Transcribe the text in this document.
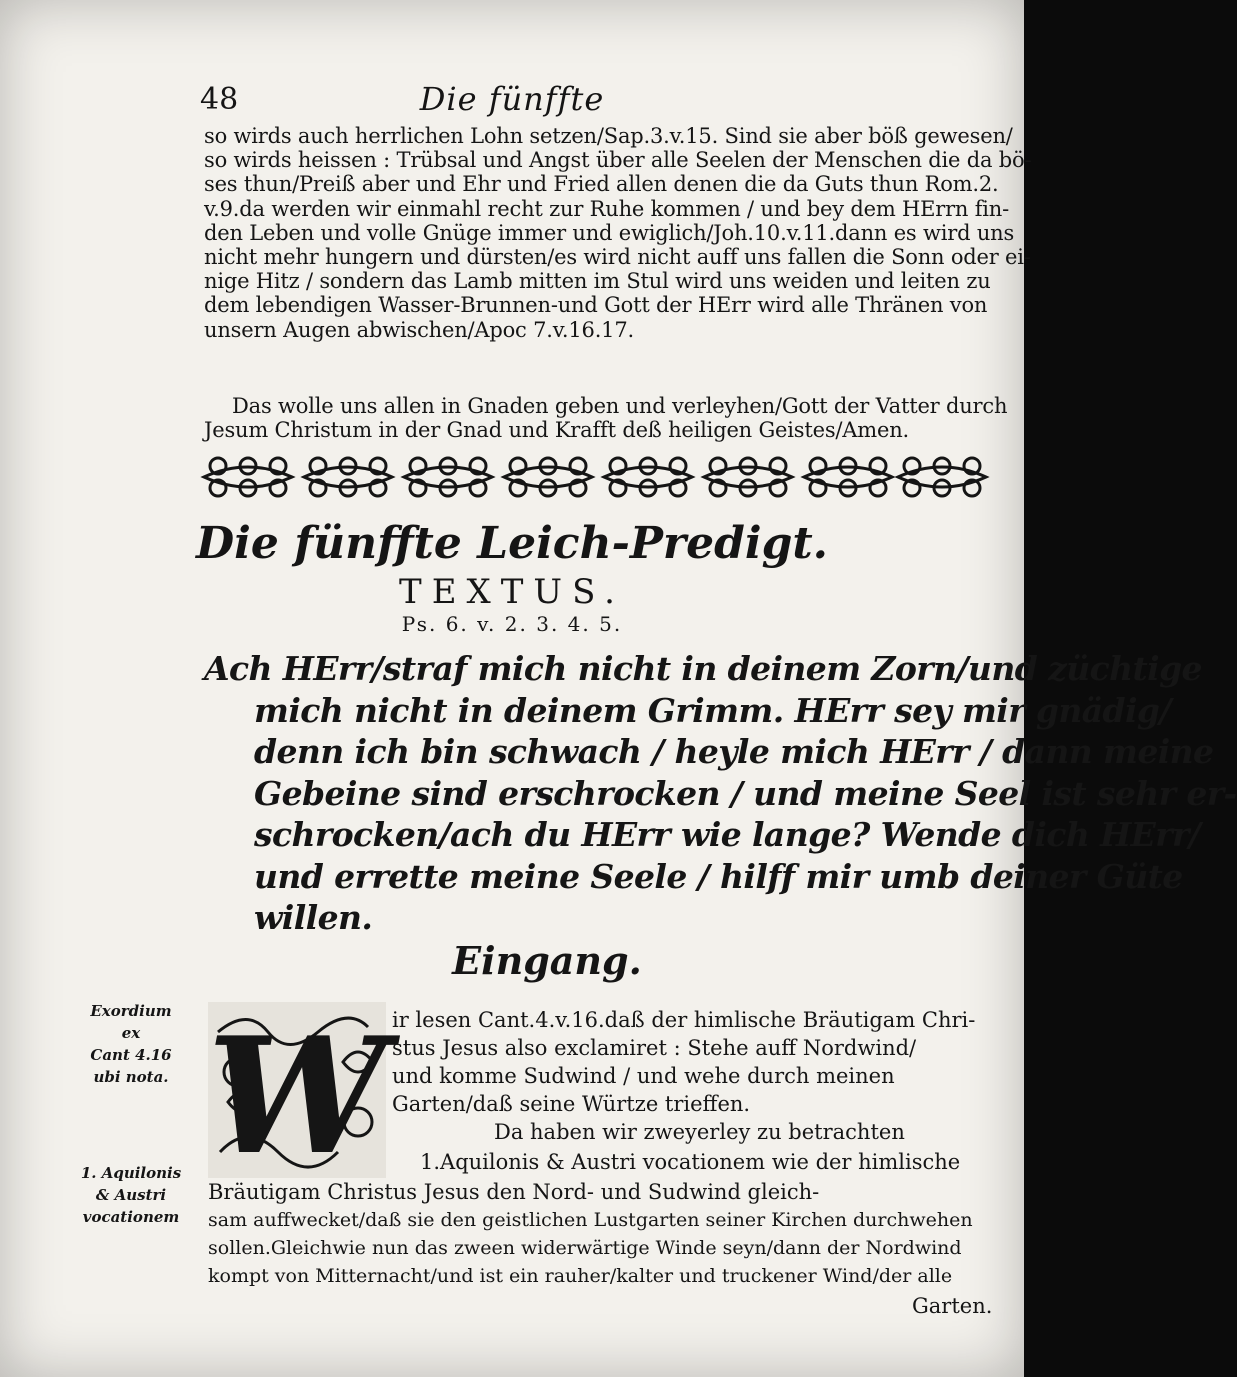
48	Die fünffte
so wirds auch herrlichen Lohn setzen/Sap.3.v.15. Sind sie aber böß gewesen/
so wirds heissen : Trübsal und Angst über alle Seelen der Menschen die da bö-
ses thun/Preiß aber und Ehr und Fried allen denen die da Guts thun Rom.2.
v.9.da werden wir einmahl recht zur Ruhe kommen / und bey dem HErrn fin-
den Leben und volle Gnüge immer und ewiglich/Joh.10.v.11.dann es wird uns
nicht mehr hungern und dürsten/es wird nicht auff uns fallen die Sonn oder ei-
nige Hitz / sondern das Lamb mitten im Stul wird uns weiden und leiten zu
dem lebendigen Wasser-Brunnen-und Gott der HErr wird alle Thränen von
unsern Augen abwischen/Apoc 7.v.16.17.
Das wolle uns allen in Gnaden geben und verleyhen/Gott der Vatter durch
Jesum Christum in der Gnad und Krafft deß heiligen Geistes/Amen.
Die fünffte Leich-Predigt.
TEXTUS.
Ps. 6. v. 2. 3. 4. 5.
Ach HErr/straf mich nicht in deinem Zorn/und züchtige
mich nicht in deinem Grimm. HErr sey mir gnädig/
denn ich bin schwach / heyle mich HErr / dann meine
Gebeine sind erschrocken / und meine Seel ist sehr er-
schrocken/ach du HErr wie lange? Wende dich HErr/
und errette meine Seele / hilff mir umb deiner Güte
willen.
Eingang.
Exordium
ex
Cant 4.16
ubi nota.
1. Aquilonis
& Austri
vocationem
W ir lesen Cant.4.v.16.daß der himlische Bräutigam Chri-
stus Jesus also exclamiret : Stehe auff Nordwind/
und komme Sudwind / und wehe durch meinen
Garten/daß seine Würtze trieffen.
Da haben wir zweyerley zu betrachten
1.Aquilonis & Austri vocationem wie der himlische
Bräutigam Christus Jesus den Nord- und Sudwind gleich-
sam auffwecket/daß sie den geistlichen Lustgarten seiner Kirchen durchwehen
sollen.Gleichwie nun das zween widerwärtige Winde seyn/dann der Nordwind
kompt von Mitternacht/und ist ein rauher/kalter und truckener Wind/der alle
Garten.
